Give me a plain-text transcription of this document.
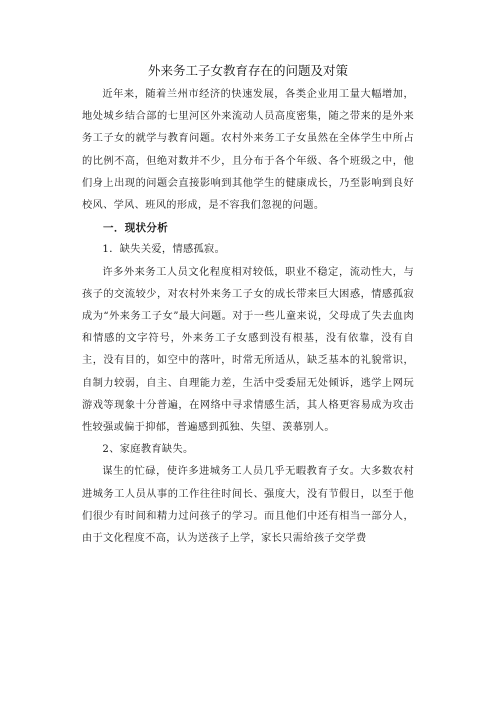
外来务工子女教育存在的问题及对策

近年来，随着兰州市经济的快速发展，各类企业用工量大幅增加，地处城乡结合部的七里河区外来流动人员高度密集，随之带来的是外来务工子女的就学与教育问题。农村外来务工子女虽然在全体学生中所占的比例不高，但绝对数并不少，且分布于各个年级、各个班级之中，他们身上出现的问题会直接影响到其他学生的健康成长，乃至影响到良好校风、学风、班风的形成，是不容我们忽视的问题。

一．现状分析

1．缺失关爱，情感孤寂。

许多外来务工人员文化程度相对较低，职业不稳定，流动性大，与孩子的交流较少，对农村外来务工子女的成长带来巨大困惑，情感孤寂成为“外来务工子女”最大问题。对于一些儿童来说，父母成了失去血肉和情感的文字符号，外来务工子女感到没有根基，没有依靠，没有自主，没有目的，如空中的落叶，时常无所适从，缺乏基本的礼貌常识，自制力较弱，自主、自理能力差，生活中受委屈无处倾诉，逃学上网玩游戏等现象十分普遍，在网络中寻求情感生活，其人格更容易成为攻击性较强或偏于抑郁，普遍感到孤独、失望、羡慕别人。

2、家庭教育缺失。

谋生的忙碌，使许多进城务工人员几乎无暇教育子女。大多数农村进城务工人员从事的工作往往时间长、强度大，没有节假日，以至于他们很少有时间和精力过问孩子的学习。而且他们中还有相当一部分人，由于文化程度不高，认为送孩子上学，家长只需给孩子交学费
